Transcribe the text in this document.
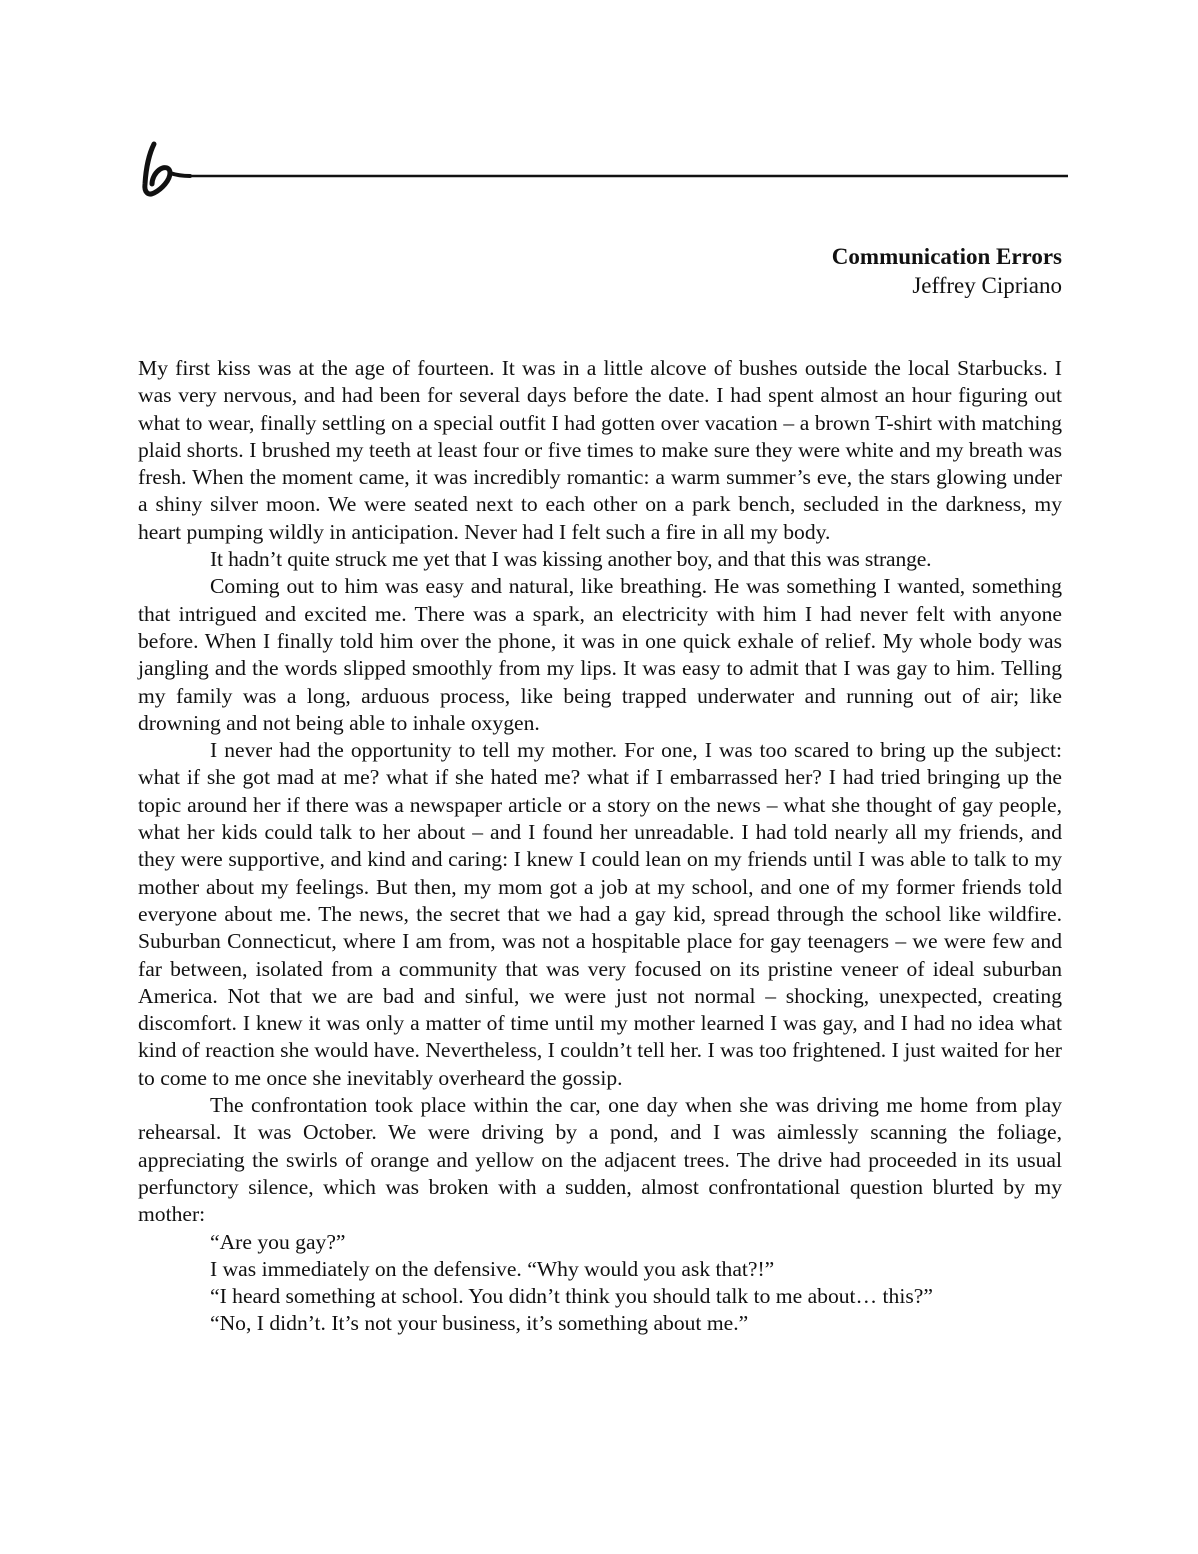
Communication Errors
Jeffrey Cipriano

My first kiss was at the age of fourteen. It was in a little alcove of bushes outside the local Starbucks. I was very nervous, and had been for several days before the date. I had spent almost an hour figuring out what to wear, finally settling on a special outfit I had gotten over vacation – a brown T-shirt with matching plaid shorts. I brushed my teeth at least four or five times to make sure they were white and my breath was fresh. When the moment came, it was incredibly romantic: a warm summer’s eve, the stars glowing under a shiny silver moon. We were seated next to each other on a park bench, secluded in the darkness, my heart pumping wildly in anticipation. Never had I felt such a fire in all my body.

It hadn’t quite struck me yet that I was kissing another boy, and that this was strange.

Coming out to him was easy and natural, like breathing. He was something I wanted, something that intrigued and excited me. There was a spark, an electricity with him I had never felt with anyone before. When I finally told him over the phone, it was in one quick exhale of relief. My whole body was jangling and the words slipped smoothly from my lips. It was easy to admit that I was gay to him. Telling my family was a long, arduous process, like being trapped underwater and running out of air; like drowning and not being able to inhale oxygen.

I never had the opportunity to tell my mother. For one, I was too scared to bring up the subject: what if she got mad at me? what if she hated me? what if I embarrassed her? I had tried bringing up the topic around her if there was a newspaper article or a story on the news – what she thought of gay people, what her kids could talk to her about – and I found her unreadable. I had told nearly all my friends, and they were supportive, and kind and caring: I knew I could lean on my friends until I was able to talk to my mother about my feelings. But then, my mom got a job at my school, and one of my former friends told everyone about me. The news, the secret that we had a gay kid, spread through the school like wildfire. Suburban Connecticut, where I am from, was not a hospitable place for gay teenagers – we were few and far between, isolated from a community that was very focused on its pristine veneer of ideal suburban America. Not that we are bad and sinful, we were just not normal – shocking, unexpected, creating discomfort. I knew it was only a matter of time until my mother learned I was gay, and I had no idea what kind of reaction she would have. Nevertheless, I couldn’t tell her. I was too frightened. I just waited for her to come to me once she inevitably overheard the gossip.

The confrontation took place within the car, one day when she was driving me home from play rehearsal. It was October. We were driving by a pond, and I was aimlessly scanning the foliage, appreciating the swirls of orange and yellow on the adjacent trees. The drive had proceeded in its usual perfunctory silence, which was broken with a sudden, almost confrontational question blurted by my mother:

“Are you gay?”

I was immediately on the defensive. “Why would you ask that?!”

“I heard something at school. You didn’t think you should talk to me about… this?”

“No, I didn’t. It’s not your business, it’s something about me.”
